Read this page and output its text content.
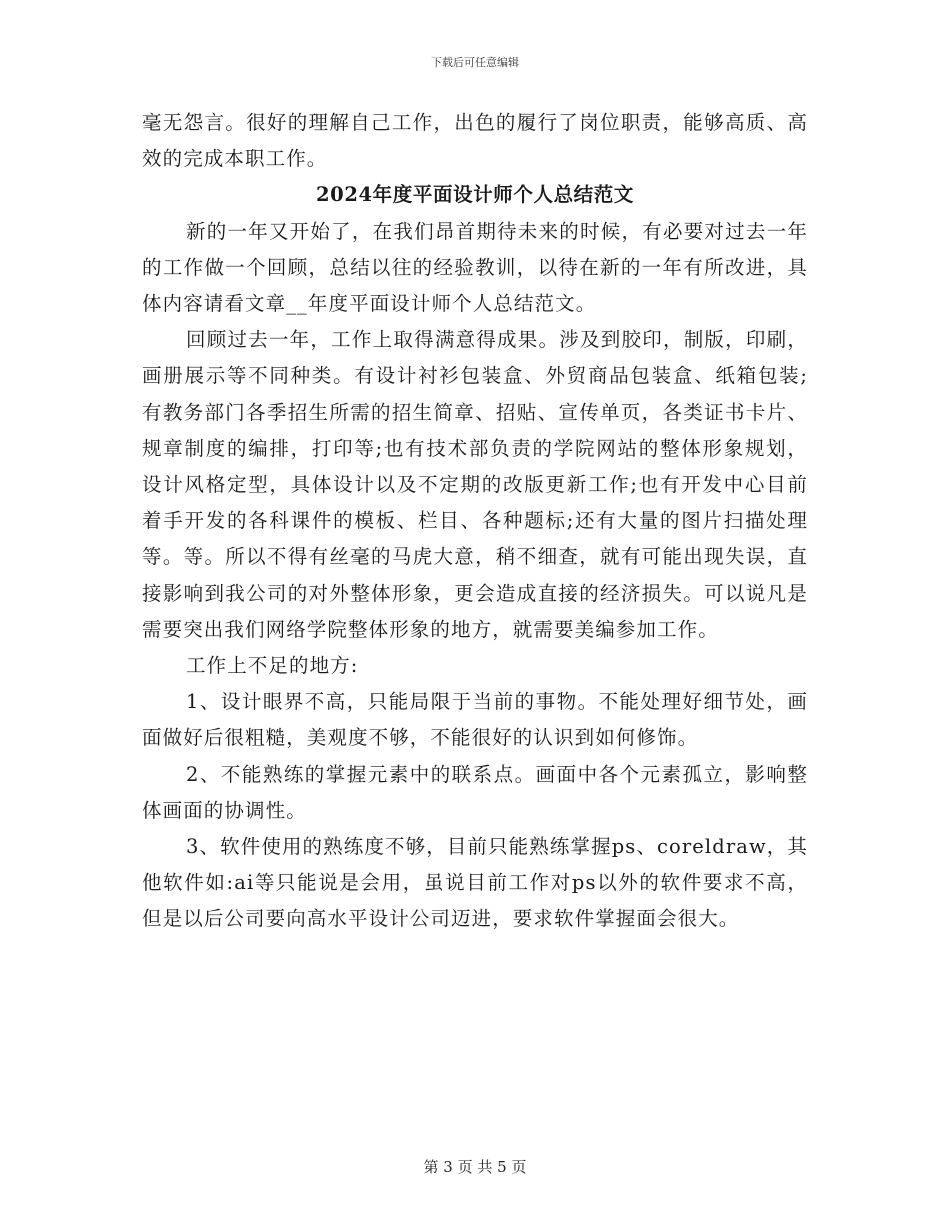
下载后可任意编辑

毫无怨言。很好的理解自己工作，出色的履行了岗位职责，能够高质、高效的完成本职工作。

2024年度平面设计师个人总结范文

新的一年又开始了，在我们昂首期待未来的时候，有必要对过去一年的工作做一个回顾，总结以往的经验教训，以待在新的一年有所改进，具体内容请看文章__年度平面设计师个人总结范文。

回顾过去一年，工作上取得满意得成果。涉及到胶印，制版，印刷，画册展示等不同种类。有设计衬衫包装盒、外贸商品包装盒、纸箱包装;有教务部门各季招生所需的招生简章、招贴、宣传单页，各类证书卡片、规章制度的编排，打印等;也有技术部负责的学院网站的整体形象规划，设计风格定型，具体设计以及不定期的改版更新工作;也有开发中心目前着手开发的各科课件的模板、栏目、各种题标;还有大量的图片扫描处理等。等。所以不得有丝毫的马虎大意，稍不细查，就有可能出现失误，直接影响到我公司的对外整体形象，更会造成直接的经济损失。可以说凡是需要突出我们网络学院整体形象的地方，就需要美编参加工作。

工作上不足的地方:

1、设计眼界不高，只能局限于当前的事物。不能处理好细节处，画面做好后很粗糙，美观度不够，不能很好的认识到如何修饰。

2、不能熟练的掌握元素中的联系点。画面中各个元素孤立，影响整体画面的协调性。

3、软件使用的熟练度不够，目前只能熟练掌握ps、coreldraw，其他软件如:ai等只能说是会用，虽说目前工作对ps以外的软件要求不高，但是以后公司要向高水平设计公司迈进，要求软件掌握面会很大。

第 3 页 共 5 页
